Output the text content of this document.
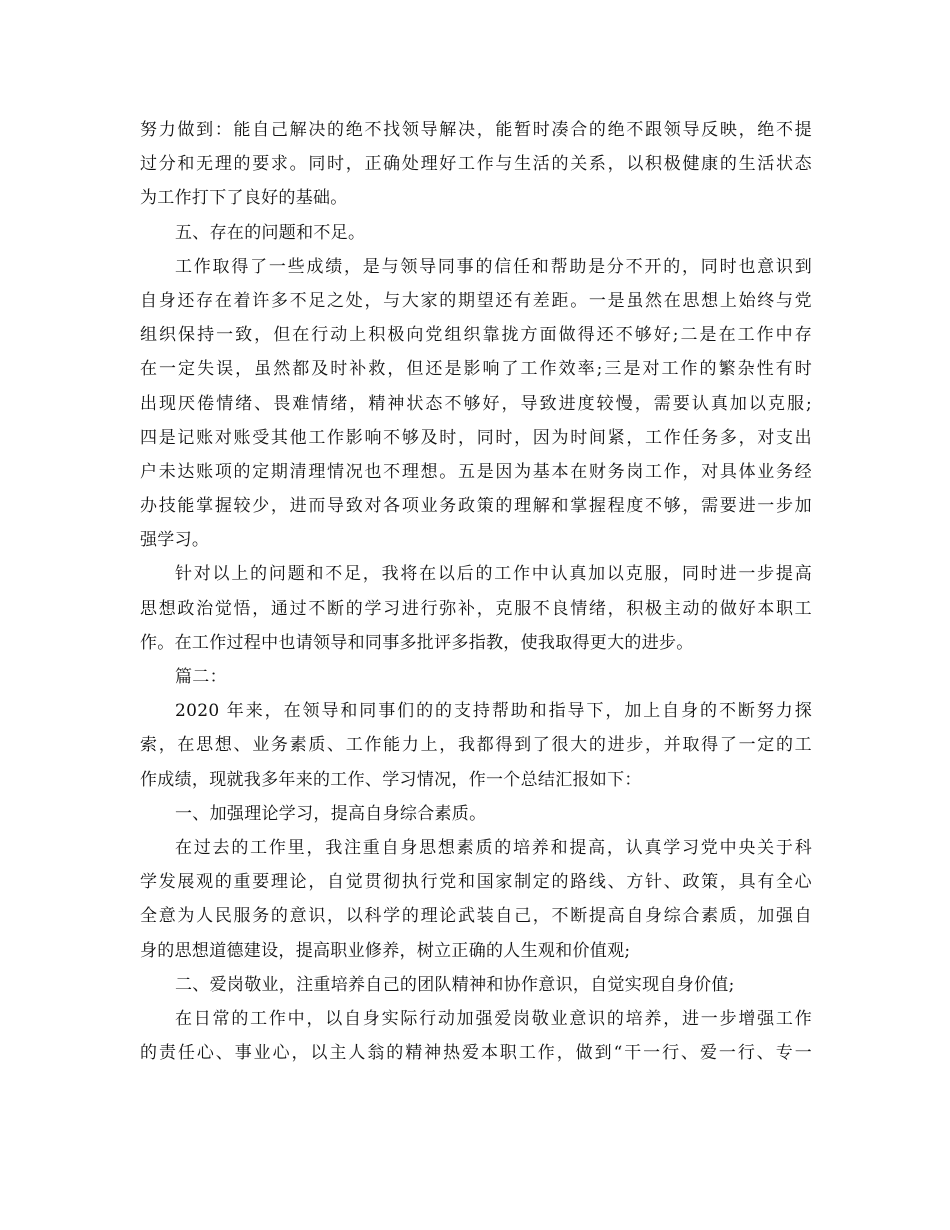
努力做到：能自己解决的绝不找领导解决，能暂时凑合的绝不跟领导反映，绝不提
过分和无理的要求。同时，正确处理好工作与生活的关系，以积极健康的生活状态
为工作打下了良好的基础。
五、存在的问题和不足。
工作取得了一些成绩，是与领导同事的信任和帮助是分不开的，同时也意识到
自身还存在着许多不足之处，与大家的期望还有差距。一是虽然在思想上始终与党
组织保持一致，但在行动上积极向党组织靠拢方面做得还不够好;二是在工作中存
在一定失误，虽然都及时补救，但还是影响了工作效率;三是对工作的繁杂性有时
出现厌倦情绪、畏难情绪，精神状态不够好，导致进度较慢，需要认真加以克服;
四是记账对账受其他工作影响不够及时，同时，因为时间紧，工作任务多，对支出
户未达账项的定期清理情况也不理想。五是因为基本在财务岗工作，对具体业务经
办技能掌握较少，进而导致对各项业务政策的理解和掌握程度不够，需要进一步加
强学习。
针对以上的问题和不足，我将在以后的工作中认真加以克服，同时进一步提高
思想政治觉悟，通过不断的学习进行弥补，克服不良情绪，积极主动的做好本职工
作。在工作过程中也请领导和同事多批评多指教，使我取得更大的进步。
篇二：
2020 年来，在领导和同事们的的支持帮助和指导下，加上自身的不断努力探
索，在思想、业务素质、工作能力上，我都得到了很大的进步，并取得了一定的工
作成绩，现就我多年来的工作、学习情况，作一个总结汇报如下：
一、加强理论学习，提高自身综合素质。
在过去的工作里，我注重自身思想素质的培养和提高，认真学习党中央关于科
学发展观的重要理论，自觉贯彻执行党和国家制定的路线、方针、政策，具有全心
全意为人民服务的意识，以科学的理论武装自己，不断提高自身综合素质，加强自
身的思想道德建设，提高职业修养，树立正确的人生观和价值观;
二、爱岗敬业，注重培养自己的团队精神和协作意识，自觉实现自身价值;
在日常的工作中，以自身实际行动加强爱岗敬业意识的培养，进一步增强工作
的责任心、事业心，以主人翁的精神热爱本职工作，做到“干一行、爱一行、专一
